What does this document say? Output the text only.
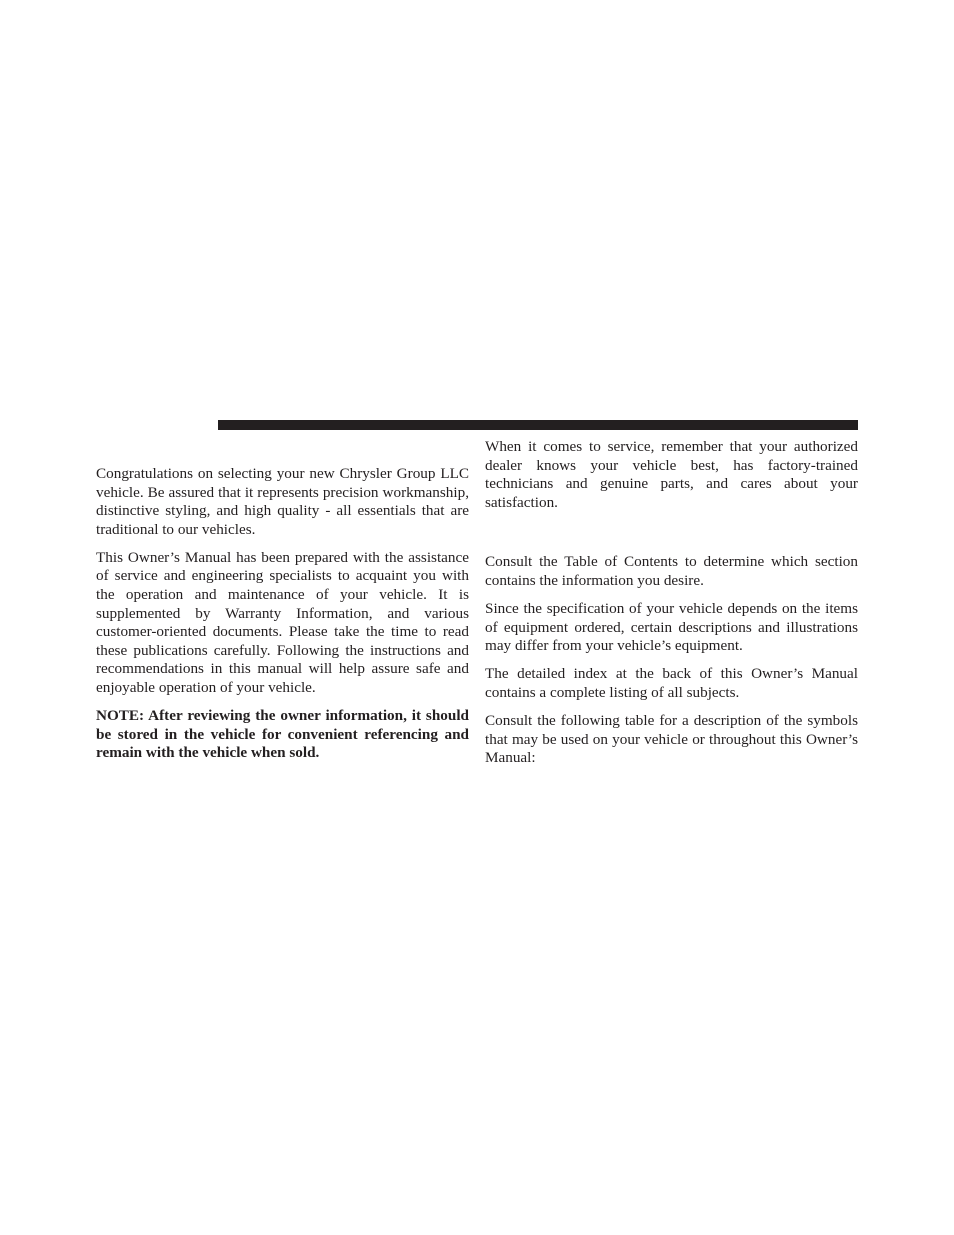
Congratulations on selecting your new Chrysler Group LLC vehicle. Be assured that it represents precision workmanship, distinctive styling, and high quality - all essentials that are traditional to our vehicles.

This Owner’s Manual has been prepared with the assistance of service and engineering specialists to acquaint you with the operation and maintenance of your vehicle. It is supplemented by Warranty Information, and various customer-oriented documents. Please take the time to read these publications carefully. Following the instructions and recommendations in this manual will help assure safe and enjoyable operation of your vehicle.

NOTE: After reviewing the owner information, it should be stored in the vehicle for convenient referencing and remain with the vehicle when sold.

When it comes to service, remember that your authorized dealer knows your vehicle best, has factory-trained technicians and genuine parts, and cares about your satisfaction.

Consult the Table of Contents to determine which section contains the information you desire.

Since the specification of your vehicle depends on the items of equipment ordered, certain descriptions and illustrations may differ from your vehicle’s equipment.

The detailed index at the back of this Owner’s Manual contains a complete listing of all subjects.

Consult the following table for a description of the symbols that may be used on your vehicle or throughout this Owner’s Manual:
